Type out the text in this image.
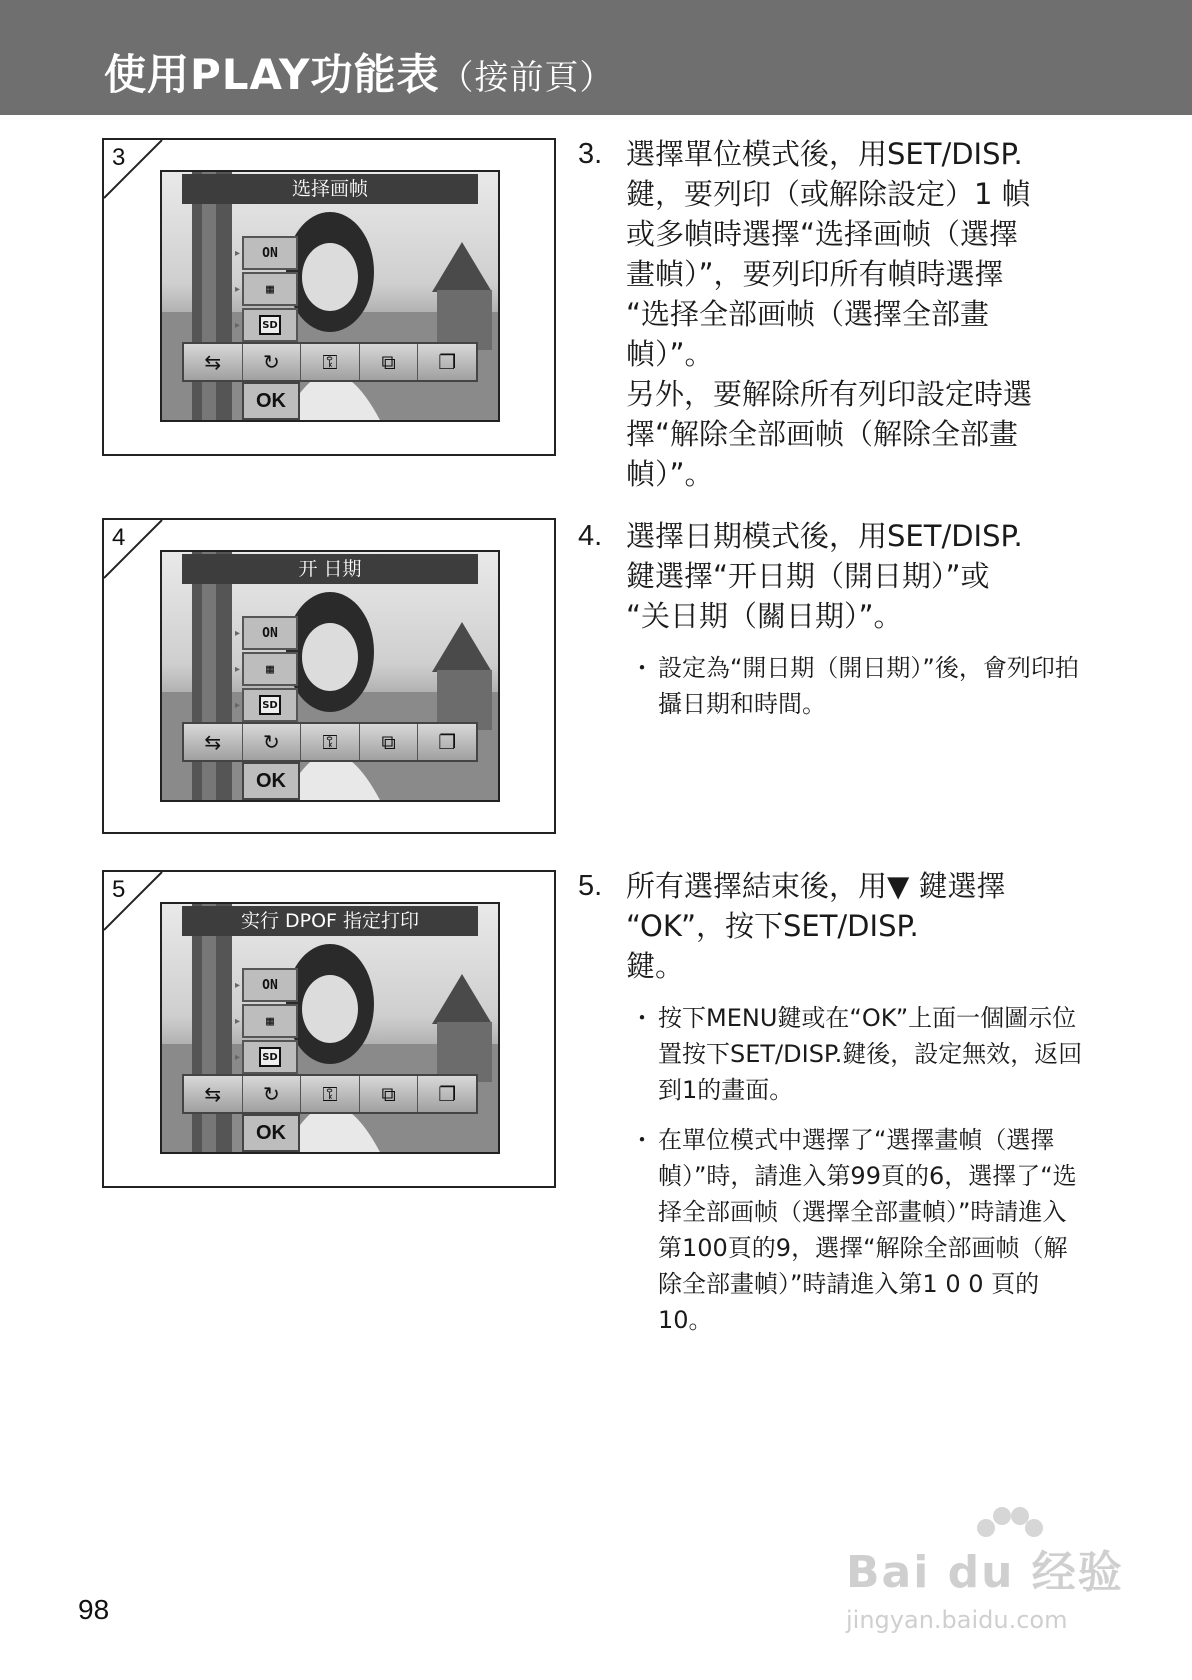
使用PLAY功能表（接前頁）
3
选择画帧
▸ ON
▸ ▦
▸	SD
⇆ ↻ ⚿ ⧉ ❐
OK
4
开 日期
▸ ON
▸ ▦
▸	SD
⇆ ↻ ⚿ ⧉ ❐
OK
5
实行 DPOF 指定打印
▸ ON
▸ ▦
▸	SD
⇆ ↻ ⚿ ⧉ ❐
OK
3. 選擇單位模式後，用SET/DISP.
鍵，要列印（或解除設定）1 幀
或多幀時選擇“选择画帧（選擇
畫幀）”，要列印所有幀時選擇
“选择全部画帧（選擇全部畫
幀）”。
另外，要解除所有列印設定時選
擇“解除全部画帧（解除全部畫
幀）”。
4. 選擇日期模式後，用SET/DISP.
鍵選擇“开日期（開日期）”或
“关日期（關日期）”。
・ 設定為“開日期（開日期）”後，會列印拍攝日期和時間。
5. 所有選擇結束後，用▼ 鍵選擇
“OK”，按下SET/DISP.
鍵。
・ 按下MENU鍵或在“OK”上面一個圖示位置按下SET/DISP.鍵後，設定無效，返回到1的畫面。
・ 在單位模式中選擇了“選擇畫幀（選擇幀）”時，請進入第99頁的6，選擇了“选择全部画帧（選擇全部畫幀）”時請進入第100頁的9，選擇“解除全部画帧（解除全部畫幀）”時請進入第1 0 0 頁的10。
98
Bai du 经验
jingyan.baidu.com
